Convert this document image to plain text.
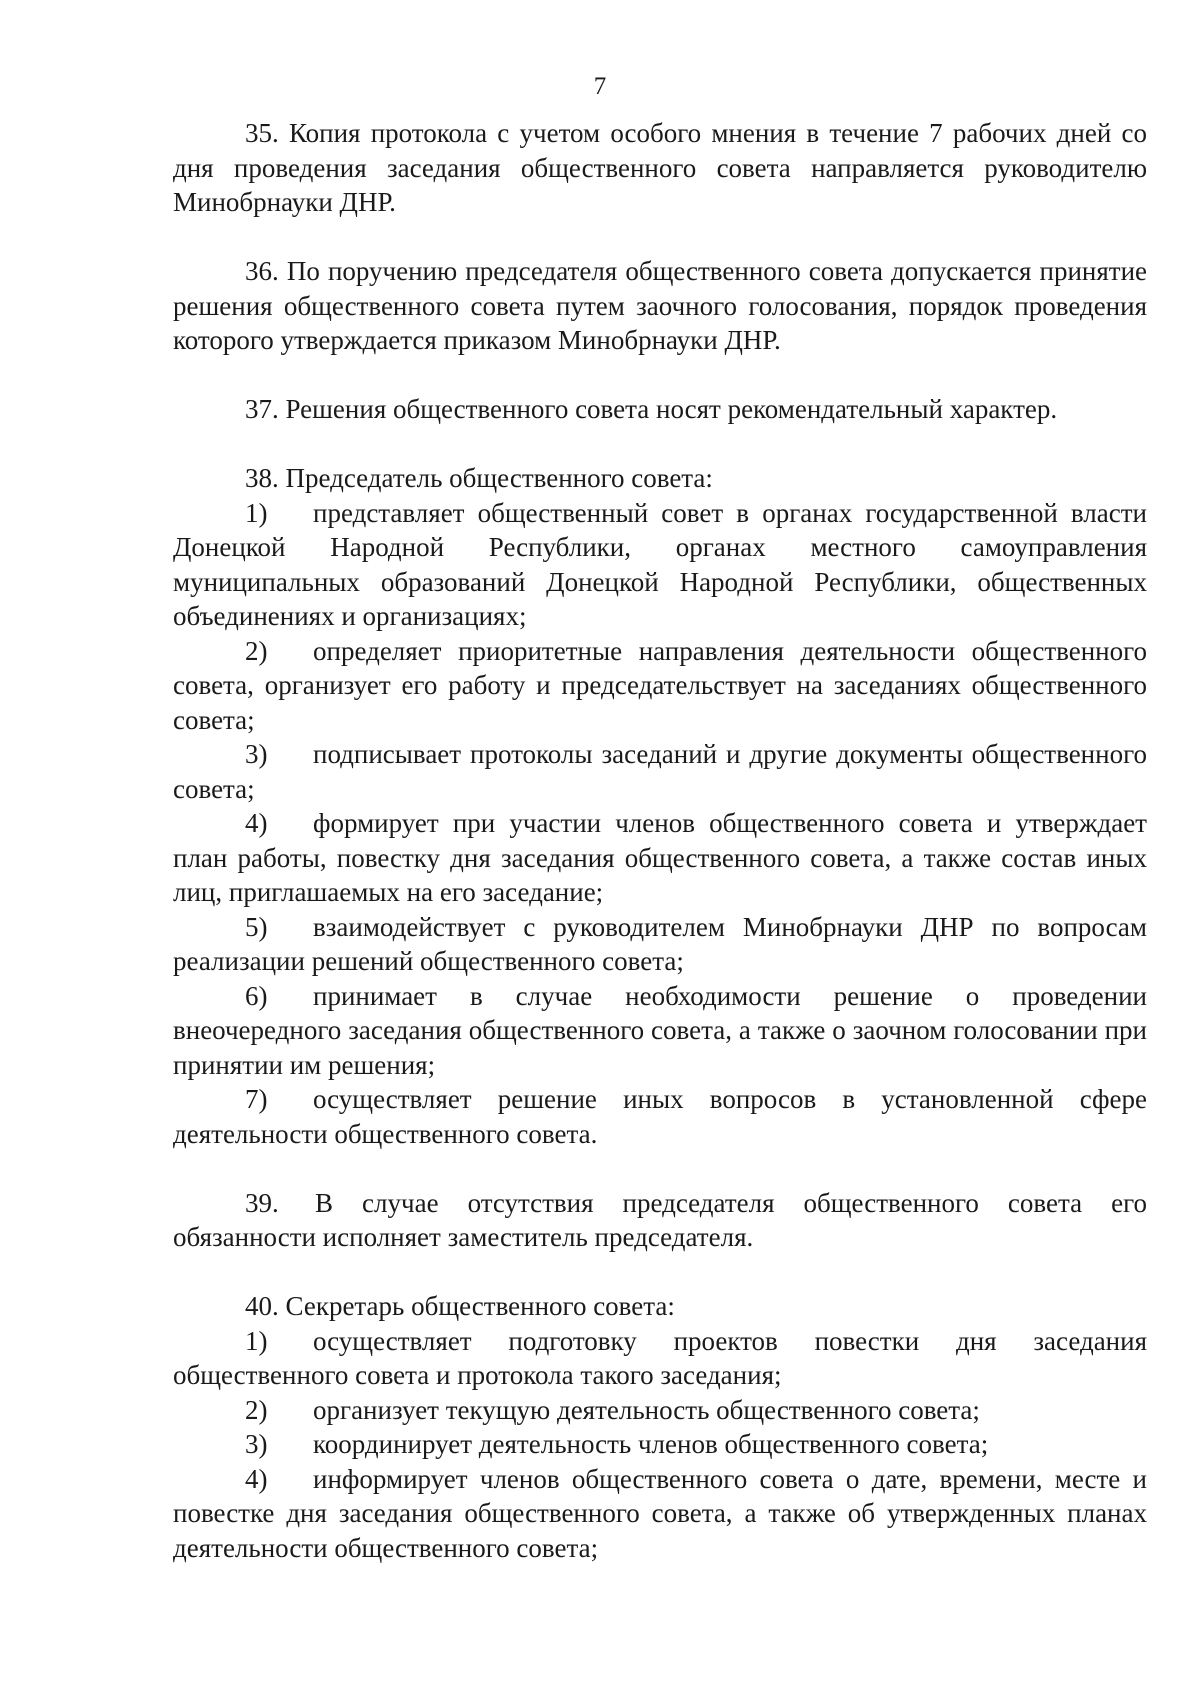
7

35. Копия протокола с учетом особого мнения в течение 7 рабочих дней со дня проведения заседания общественного совета направляется руководителю Минобрнауки ДНР.

36. По поручению председателя общественного совета допускается принятие решения общественного совета путем заочного голосования, порядок проведения которого утверждается приказом Минобрнауки ДНР.

37. Решения общественного совета носят рекомендательный характер.

38. Председатель общественного совета:

1) представляет общественный совет в органах государственной власти Донецкой Народной Республики, органах местного самоуправления муниципальных образований Донецкой Народной Республики, общественных объединениях и организациях;

2) определяет приоритетные направления деятельности общественного совета, организует его работу и председательствует на заседаниях общественного совета;

3) подписывает протоколы заседаний и другие документы общественного совета;

4) формирует при участии членов общественного совета и утверждает план работы, повестку дня заседания общественного совета, а также состав иных лиц, приглашаемых на его заседание;

5) взаимодействует с руководителем Минобрнауки ДНР по вопросам реализации решений общественного совета;

6) принимает в случае необходимости решение о проведении внеочередного заседания общественного совета, а также о заочном голосовании при принятии им решения;

7) осуществляет решение иных вопросов в установленной сфере деятельности общественного совета.

39. В случае отсутствия председателя общественного совета его обязанности исполняет заместитель председателя.

40. Секретарь общественного совета:

1) осуществляет подготовку проектов повестки дня заседания общественного совета и протокола такого заседания;

2) организует текущую деятельность общественного совета;

3) координирует деятельность членов общественного совета;

4) информирует членов общественного совета о дате, времени, месте и повестке дня заседания общественного совета, а также об утвержденных планах деятельности общественного совета;
